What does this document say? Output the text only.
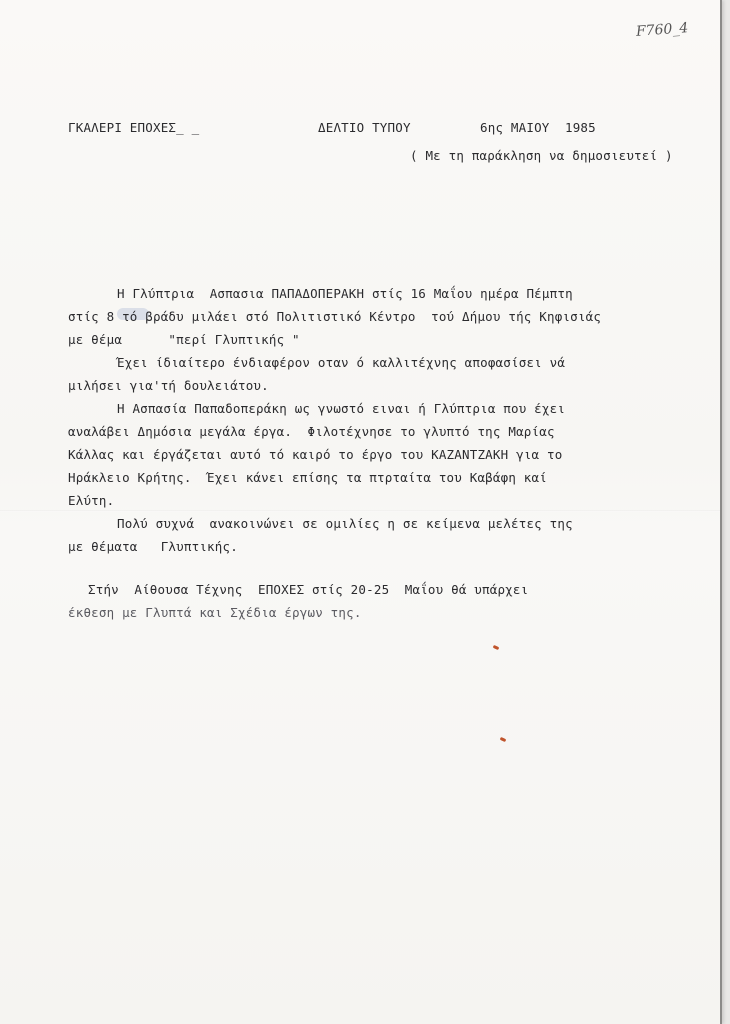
F760_4
ΓΚΑΛΕΡΙ ΕΠΟΧΕΣ_ _	ΔΕΛΤΙΟ ΤΥΠΟΥ	6ης ΜΑΙΟΥ  1985
( Με τη παράκληση να δημοσιευτεί )
Η Γλύπτρια  Ασπασια ΠΑΠΑΔΟΠΕΡΑΚΗ στίς 16 Μαΐου ημέρα Πέμπτη
στίς 8 τό βράδυ μιλάει στό Πολιτιστικό Κέντρο  τού Δήμου τής Κηφισιάς
με θέμα      "περί Γλυπτικής "
Έχει ίδιαίτερο ένδιαφέρον οταν ό καλλιτέχνης αποφασίσει νά
μιλήσει για'τή δουλειάτου.
Η Ασπασία Παπαδοπεράκη ως γνωστό ειναι ή Γλύπτρια που έχει
αναλάβει Δημόσια μεγάλα έργα.  Φιλοτέχνησε το γλυπτό της Μαρίας
Κάλλας και έργάζεται αυτό τό καιρό το έργο του ΚΑΖΑΝΤΖΑΚΗ για το
Ηράκλειο Κρήτης.  Έχει κάνει επίσης τα πτρταίτα του Καβάφη καί
Ελύτη.
Πολύ συχνά  ανακοινώνει σε ομιλίες η σε κείμενα μελέτες της
με θέματα   Γλυπτικής.
Στήν  Αίθουσα Τέχνης  ΕΠΟΧΕΣ στίς 20-25  Μαΐου θά υπάρχει
έκθεση με Γλυπτά και Σχέδια έργων της.
